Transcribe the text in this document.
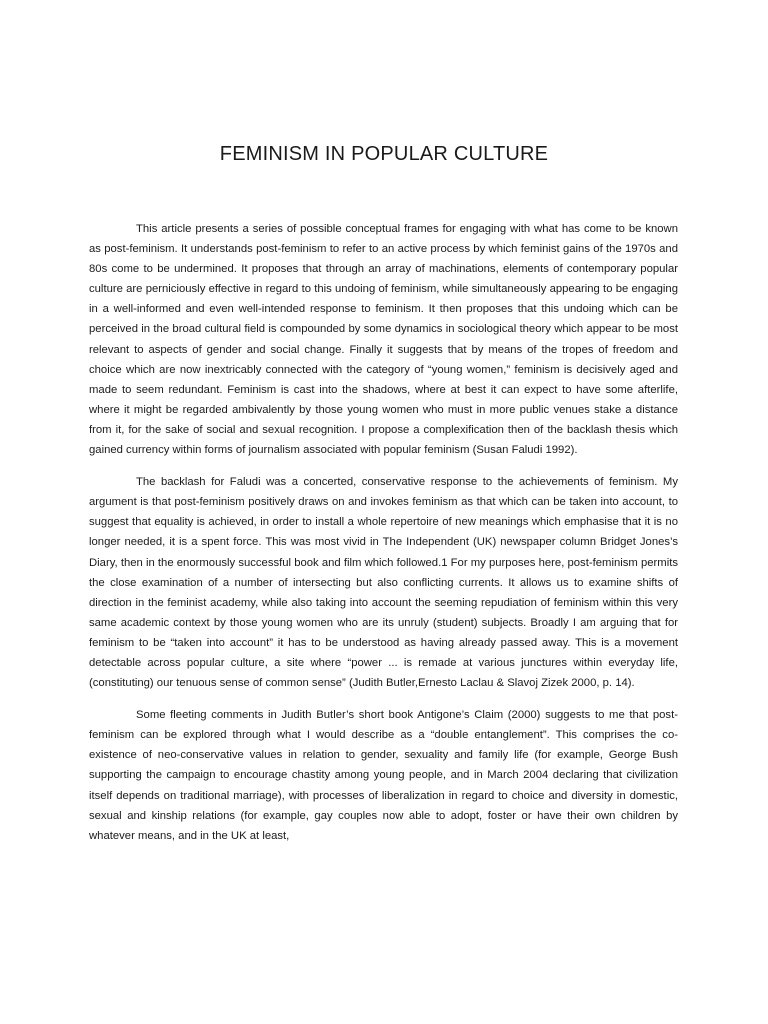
FEMINISM IN POPULAR CULTURE

This article presents a series of possible conceptual frames for engaging with what has come to be known as post-feminism. It understands post-feminism to refer to an active process by which feminist gains of the 1970s and 80s come to be undermined. It proposes that through an array of machinations, elements of contemporary popular culture are perniciously effective in regard to this undoing of feminism, while simultaneously appearing to be engaging in a well-informed and even well-intended response to feminism. It then proposes that this undoing which can be perceived in the broad cultural field is compounded by some dynamics in sociological theory which appear to be most relevant to aspects of gender and social change. Finally it suggests that by means of the tropes of freedom and choice which are now inextricably connected with the category of “young women,” feminism is decisively aged and made to seem redundant. Feminism is cast into the shadows, where at best it can expect to have some afterlife, where it might be regarded ambivalently by those young women who must in more public venues stake a distance from it, for the sake of social and sexual recognition. I propose a complexification then of the backlash thesis which gained currency within forms of journalism associated with popular feminism (Susan Faludi 1992).

The backlash for Faludi was a concerted, conservative response to the achievements of feminism. My argument is that post-feminism positively draws on and invokes feminism as that which can be taken into account, to suggest that equality is achieved, in order to install a whole repertoire of new meanings which emphasise that it is no longer needed, it is a spent force. This was most vivid in The Independent (UK) newspaper column Bridget Jones’s Diary, then in the enormously successful book and film which followed.1 For my purposes here, post-feminism permits the close examination of a number of intersecting but also conflicting currents. It allows us to examine shifts of direction in the feminist academy, while also taking into account the seeming repudiation of feminism within this very same academic context by those young women who are its unruly (student) subjects. Broadly I am arguing that for feminism to be “taken into account” it has to be understood as having already passed away. This is a movement detectable across popular culture, a site where “power ... is remade at various junctures within everyday life, (constituting) our tenuous sense of common sense” (Judith Butler,Ernesto Laclau & Slavoj Zizek 2000, p. 14).

Some fleeting comments in Judith Butler’s short book Antigone’s Claim (2000) suggests to me that post-feminism can be explored through what I would describe as a “double entanglement”. This comprises the co-existence of neo-conservative values in relation to gender, sexuality and family life (for example, George Bush supporting the campaign to encourage chastity among young people, and in March 2004 declaring that civilization itself depends on traditional marriage), with processes of liberalization in regard to choice and diversity in domestic, sexual and kinship relations (for example, gay couples now able to adopt, foster or have their own children by whatever means, and in the UK at least,
